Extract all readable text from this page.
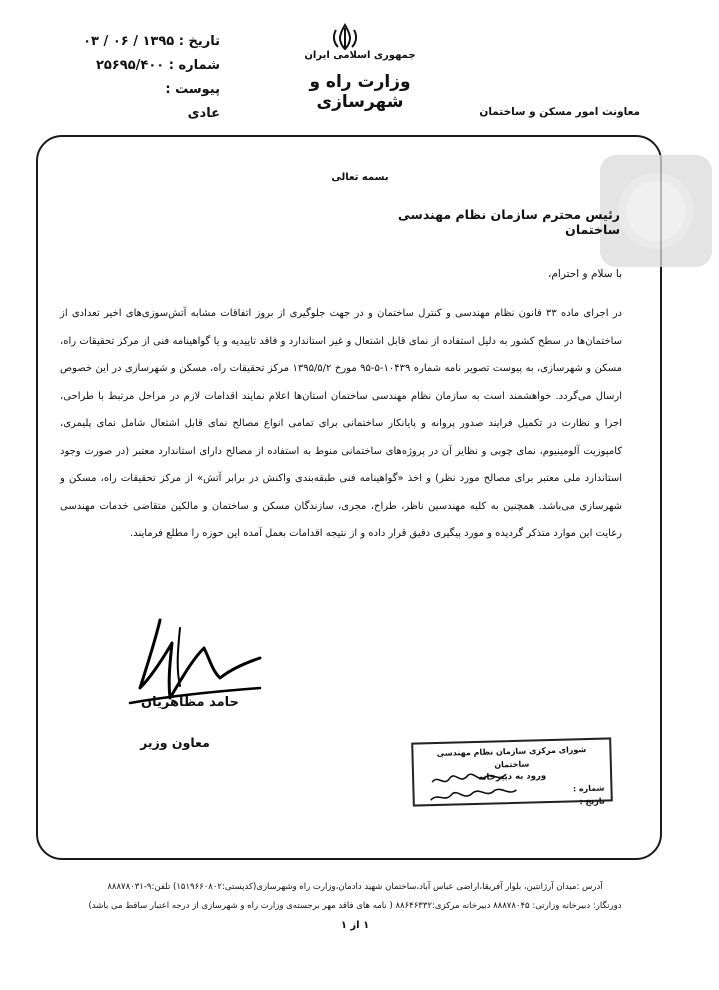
تاریخ : ۱۳۹۵ / ۰۶ / ۰۳
شماره : ۲۵۶۹۵/۴۰۰
پیوست :
عادی
جمهوری اسلامی ایران
وزارت راه و شهرسازی	معاونت امور مسکن و ساختمان
بسمه تعالی
رئیس محترم سازمان نظام مهندسی ساختمان
با سلام و احترام،
در اجرای ماده ۳۳ قانون نظام مهندسی و کنترل ساختمان و در جهت جلوگیری از بروز اتفاقات مشابه آتش‌سوزی‌های اخیر تعدادی از ساختمان‌ها در سطح کشور به دلیل استفاده از نمای قابل اشتعال و غیر استاندارد و فاقد تاییدیه و یا گواهینامه فنی از مرکز تحقیقات راه، مسکن و شهرسازی، به پیوست تصویر نامه شماره ۱۰۴۳۹-۵-۹۵ مورخ ۱۳۹۵/۵/۲ مرکز تحقیقات راه، مسکن و شهرسازی در این خصوص ارسال می‌گردد. خواهشمند است به سازمان نظام مهندسی ساختمان استان‌ها اعلام نمایند اقدامات لازم در مراحل مرتبط با طراحی، اجرا و نظارت در تکمیل فرایند صدور پروانه و پایانکار ساختمانی برای تمامی انواع مصالح نمای قابل اشتعال شامل نمای پلیمری، کامپوزیت آلومینیوم، نمای چوبی و نظایر آن در پروژه‌های ساختمانی منوط به استفاده از مصالح دارای استاندارد معتبر (در صورت وجود استاندارد ملی معتبر برای مصالح مورد نظر) و اخذ «گواهینامه فنی طبقه‌بندی واکنش در برابر آتش» از مرکز تحقیقات راه، مسکن و شهرسازی می‌باشد. همچنین به کلیه مهندسین ناظر، طراح، مجری، سازندگان مسکن و ساختمان و مالکین متقاضی خدمات مهندسی رعایت این موارد متذکر گردیده و مورد پیگیری دقیق قرار داده و از نتیجه اقدامات بعمل آمده این حوزه را مطلع فرمایند.
حامد مظاهریان
معاون وزیر
شورای مرکزی سازمان نظام مهندسی ساختمان
ورود به دبیرخانه
شماره :
تاریخ :
آدرس :میدان آرژانتین، بلوار آفریقا،اراضی عباس آباد،ساختمان شهید دادمان،وزارت راه وشهرسازی(کدپستی:۱۵۱۹۶۶۰۸۰۲) تلفن:۹-۸۸۸۷۸۰۳۱
دورنگار: دبیرخانه وزارتی: ۸۸۸۷۸۰۴۵ دبیرخانه مرکزی:۸۸۶۴۶۳۳۲ ( نامه های فاقد مهر برجسته‌ی وزارت راه و شهرسازی از درجه اعتبار ساقط می باشد)
۱ از ۱
